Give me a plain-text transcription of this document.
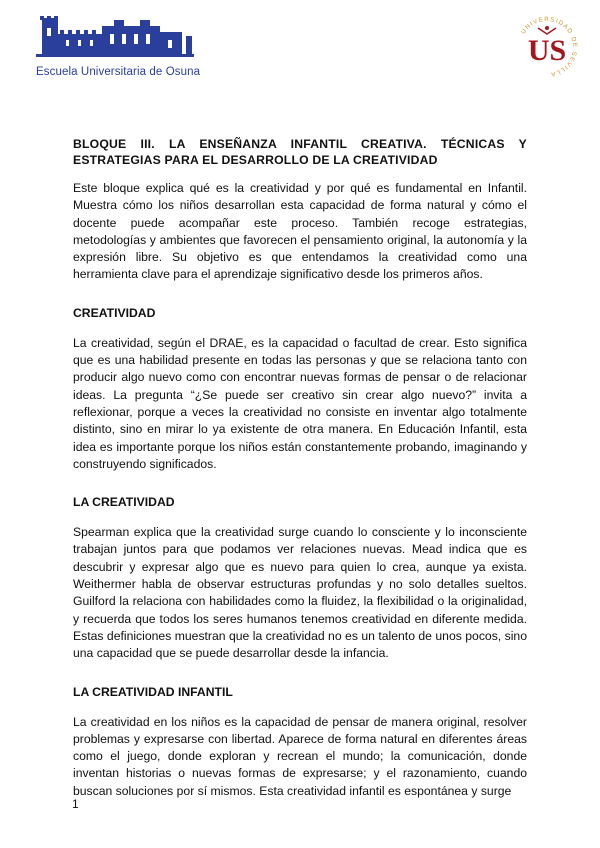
Escuela Universitaria de Osuna
UNIVERSIDAD DE SEVILLA
US

BLOQUE III. LA ENSEÑANZA INFANTIL CREATIVA. TÉCNICAS Y ESTRATEGIAS PARA EL DESARROLLO DE LA CREATIVIDAD

Este bloque explica qué es la creatividad y por qué es fundamental en Infantil. Muestra cómo los niños desarrollan esta capacidad de forma natural y cómo el docente puede acompañar este proceso. También recoge estrategias, metodologías y ambientes que favorecen el pensamiento original, la autonomía y la expresión libre. Su objetivo es que entendamos la creatividad como una herramienta clave para el aprendizaje significativo desde los primeros años.

CREATIVIDAD

La creatividad, según el DRAE, es la capacidad o facultad de crear. Esto significa que es una habilidad presente en todas las personas y que se relaciona tanto con producir algo nuevo como con encontrar nuevas formas de pensar o de relacionar ideas. La pregunta “¿Se puede ser creativo sin crear algo nuevo?” invita a reflexionar, porque a veces la creatividad no consiste en inventar algo totalmente distinto, sino en mirar lo ya existente de otra manera. En Educación Infantil, esta idea es importante porque los niños están constantemente probando, imaginando y construyendo significados.

LA CREATIVIDAD

Spearman explica que la creatividad surge cuando lo consciente y lo inconsciente trabajan juntos para que podamos ver relaciones nuevas. Mead indica que es descubrir y expresar algo que es nuevo para quien lo crea, aunque ya exista. Weithermer habla de observar estructuras profundas y no solo detalles sueltos. Guilford la relaciona con habilidades como la fluidez, la flexibilidad o la originalidad, y recuerda que todos los seres humanos tenemos creatividad en diferente medida. Estas definiciones muestran que la creatividad no es un talento de unos pocos, sino una capacidad que se puede desarrollar desde la infancia.

LA CREATIVIDAD INFANTIL

La creatividad en los niños es la capacidad de pensar de manera original, resolver problemas y expresarse con libertad. Aparece de forma natural en diferentes áreas como el juego, donde exploran y recrean el mundo; la comunicación, donde inventan historias o nuevas formas de expresarse; y el razonamiento, cuando buscan soluciones por sí mismos. Esta creatividad infantil es espontánea y surge

1
